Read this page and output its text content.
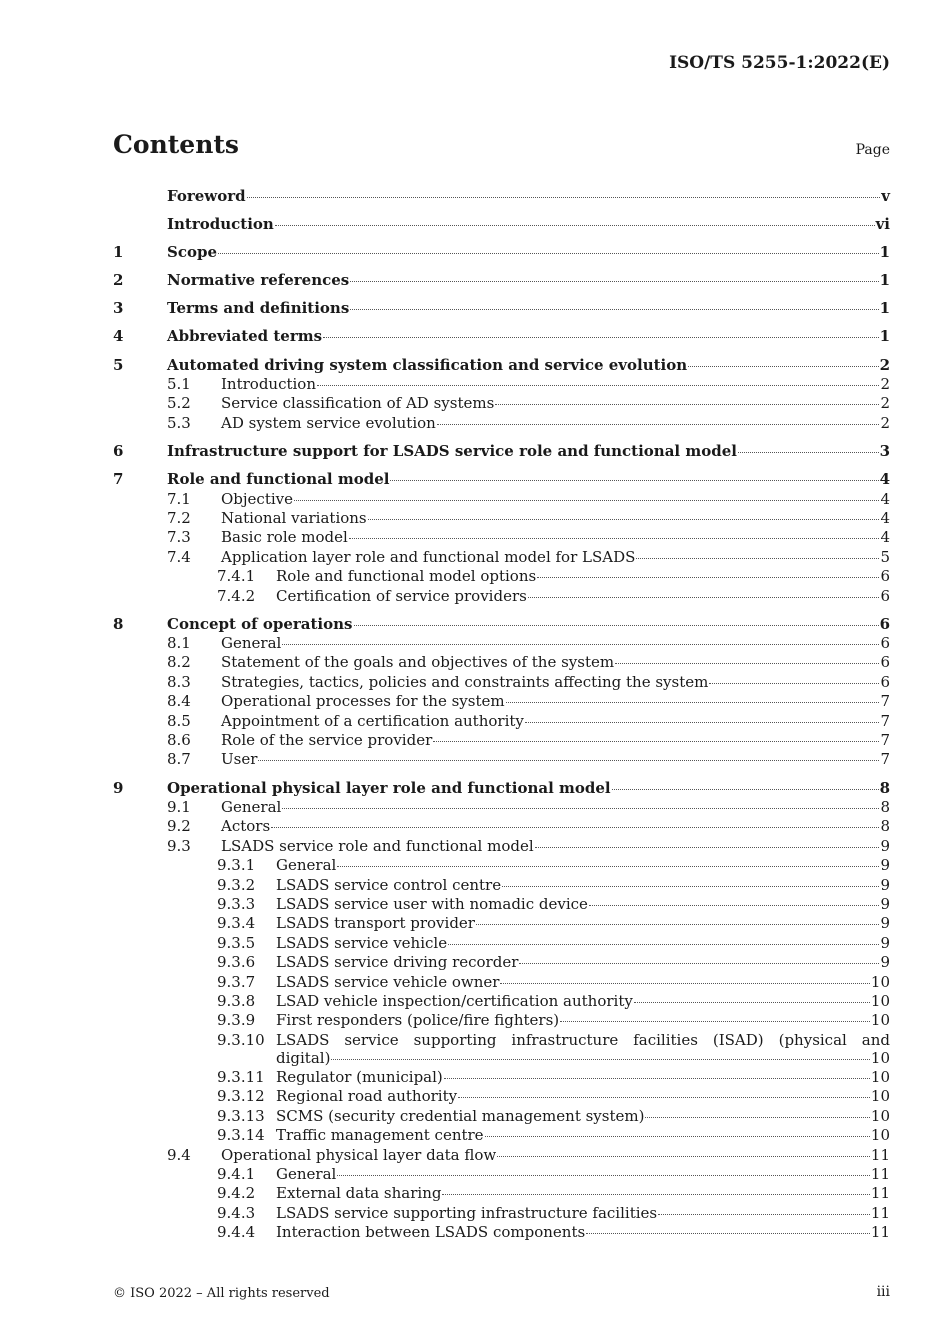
ISO/TS 5255-1:2022(E)
Contents	Page
Foreword	v
Introduction	vi
1	Scope	1
2	Normative references	1
3	Terms and definitions	1
4	Abbreviated terms	1
5	Automated driving system classification and service evolution	2
5.1	Introduction	2
5.2	Service classification of AD systems	2
5.3	AD system service evolution	2
6	Infrastructure support for LSADS service role and functional model	3
7	Role and functional model	4
7.1	Objective	4
7.2	National variations	4
7.3	Basic role model	4
7.4	Application layer role and functional model for LSADS	5
7.4.1	Role and functional model options	6
7.4.2	Certification of service providers	6
8	Concept of operations	6
8.1	General	6
8.2	Statement of the goals and objectives of the system	6
8.3	Strategies, tactics, policies and constraints affecting the system	6
8.4	Operational processes for the system	7
8.5	Appointment of a certification authority	7
8.6	Role of the service provider	7
8.7	User	7
9	Operational physical layer role and functional model	8
9.1	General	8
9.2	Actors	8
9.3	LSADS service role and functional model	9
9.3.1	General	9
9.3.2	LSADS service control centre	9
9.3.3	LSADS service user with nomadic device	9
9.3.4	LSADS transport provider	9
9.3.5	LSADS service vehicle	9
9.3.6	LSADS service driving recorder	9
9.3.7	LSADS service vehicle owner	10
9.3.8	LSAD vehicle inspection/certification authority	10
9.3.9	First responders (police/fire fighters)	10
9.3.10 LSADS service supporting infrastructure facilities (ISAD) (physical and
digital)	10
9.3.11 Regulator (municipal)	10
9.3.12 Regional road authority	10
9.3.13 SCMS (security credential management system)	10
9.3.14 Traffic management centre	10
9.4	Operational physical layer data flow	11
9.4.1	General	11
9.4.2	External data sharing	11
9.4.3	LSADS service supporting infrastructure facilities	11
9.4.4	Interaction between LSADS components	11
© ISO 2022 – All rights reserved	iii
